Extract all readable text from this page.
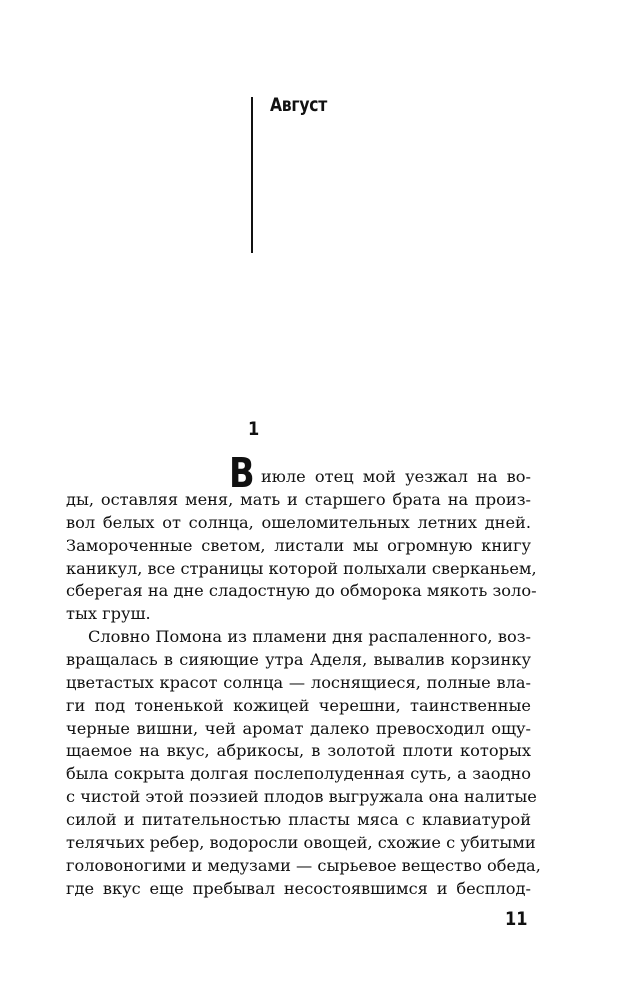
Август
1
В июле отец мой уезжал на во-
ды, оставляя меня, мать и старшего брата на произ-
вол белых от солнца, ошеломительных летних дней.
Замороченные светом, листали мы огромную книгу
каникул, все страницы которой полыхали сверканьем,
сберегая на дне сладостную до обморока мякоть золо-
тых груш.
Словно Помона из пламени дня распаленного, воз-
вращалась в сияющие утра Аделя, вывалив корзинку
цветастых красот солнца — лоснящиеся, полные вла-
ги под тоненькой кожицей черешни, таинственные
черные вишни, чей аромат далеко превосходил ощу-
щаемое на вкус, абрикосы, в золотой плоти которых
была сокрыта долгая послеполуденная суть, а заодно
с чистой этой поэзией плодов выгружала она налитые
силой и питательностью пласты мяса с клавиатурой
телячьих ребер, водоросли овощей, схожие с убитыми
головоногими и медузами — сырьевое вещество обеда,
где вкус еще пребывал несостоявшимся и бесплод-
11
